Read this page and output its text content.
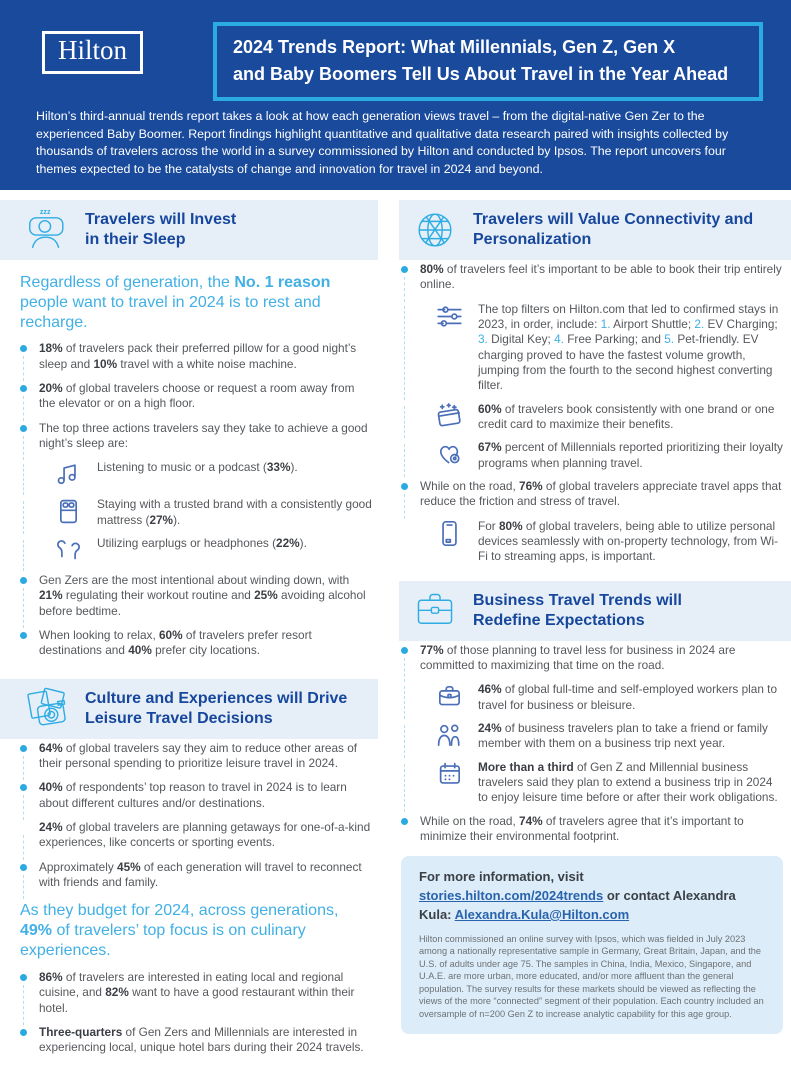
Hilton	2024 Trends Report: What Millennials, Gen Z, Gen X
and Baby Boomers Tell Us About Travel in the Year Ahead

Hilton’s third-annual trends report takes a look at how each generation views travel – from the digital-native Gen Zer to the experienced Baby Boomer. Report findings highlight quantitative and qualitative data research paired with insights collected by thousands of travelers across the world in a survey commissioned by Hilton and conducted by Ipsos. The report uncovers four themes expected to be the catalysts of change and innovation for travel in 2024 and beyond.

zzz Travelers will Invest
in their Sleep

Regardless of generation, the No. 1 reason people want to travel in 2024 is to rest and recharge.

18% of travelers pack their preferred pillow for a good night’s sleep and 10% travel with a white noise machine.

20% of global travelers choose or request a room away from the elevator or on a high floor.

The top three actions travelers say they take to achieve a good night’s sleep are:

Listening to music or a podcast (33%).

Staying with a trusted brand with a consistently good mattress (27%).

Utilizing earplugs or headphones (22%).

Gen Zers are the most intentional about winding down, with 21% regulating their workout routine and 25% avoiding alcohol before bedtime.

When looking to relax, 60% of travelers prefer resort destinations and 40% prefer city locations.

Culture and Experiences will Drive
Leisure Travel Decisions

64% of global travelers say they aim to reduce other areas of their personal spending to prioritize leisure travel in 2024.

40% of respondents’ top reason to travel in 2024 is to learn about different cultures and/or destinations.

24% of global travelers are planning getaways for one-of-a-kind experiences, like concerts or sporting events.

Approximately 45% of each generation will travel to reconnect with friends and family.

As they budget for 2024, across generations, 49% of travelers’ top focus is on culinary experiences.

86% of travelers are interested in eating local and regional cuisine, and 82% want to have a good restaurant within their hotel.

Three-quarters of Gen Zers and Millennials are interested in experiencing local, unique hotel bars during their 2024 travels.

Travelers will Value Connectivity and
Personalization

80% of travelers feel it’s important to be able to book their trip entirely online.

The top filters on Hilton.com that led to confirmed stays in 2023, in order, include: 1. Airport Shuttle; 2. EV Charging; 3. Digital Key; 4. Free Parking; and 5. Pet-friendly. EV charging proved to have the fastest volume growth, jumping from the fourth to the second highest converting filter.

60% of travelers book consistently with one brand or one credit card to maximize their benefits.

67% percent of Millennials reported prioritizing their loyalty programs when planning travel.

While on the road, 76% of global travelers appreciate travel apps that reduce the friction and stress of travel.

For 80% of global travelers, being able to utilize personal devices seamlessly with on-property technology, from Wi-Fi to streaming apps, is important.

Business Travel Trends will
Redefine Expectations

77% of those planning to travel less for business in 2024 are committed to maximizing that time on the road.

46% of global full-time and self-employed workers plan to travel for business or bleisure.

24% of business travelers plan to take a friend or family member with them on a business trip next year.

More than a third of Gen Z and Millennial business travelers said they plan to extend a business trip in 2024 to enjoy leisure time before or after their work obligations.

While on the road, 74% of travelers agree that it’s important to minimize their environmental footprint.

For more information, visit stories.hilton.com/2024trends or contact Alexandra Kula: Alexandra.Kula@Hilton.com

Hilton commissioned an online survey with Ipsos, which was fielded in July 2023 among a nationally representative sample in Germany, Great Britain, Japan, and the U.S. of adults under age 75. The samples in China, India, Mexico, Singapore, and U.A.E. are more urban, more educated, and/or more affluent than the general population. The survey results for these markets should be viewed as reflecting the views of the more “connected” segment of their population. Each country included an oversample of n=200 Gen Z to increase analytic capability for this age group.
